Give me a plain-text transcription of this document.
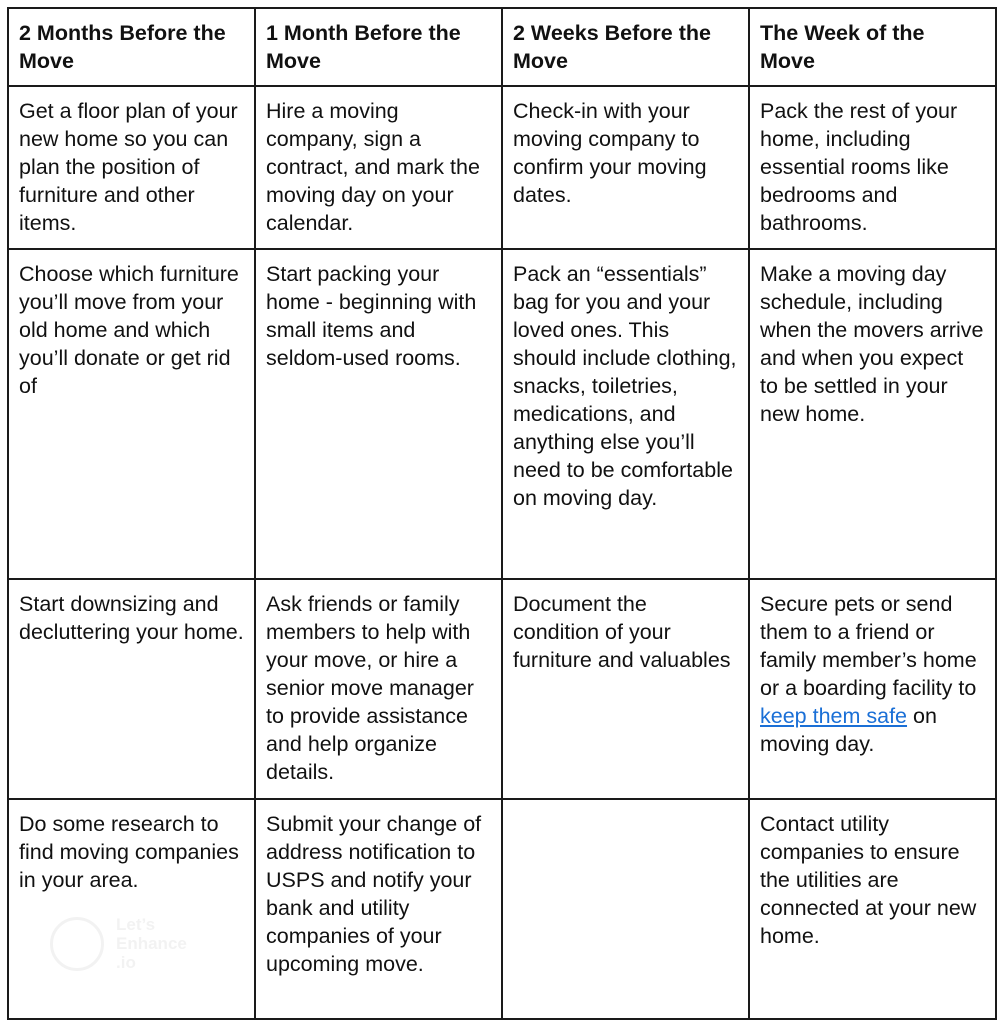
2 Months Before the Move	1 Month Before the Move	2 Weeks Before the Move	The Week of the Move
Get a floor plan of your new home so you can plan the position of furniture and other items.	Hire a moving company, sign a contract, and mark the moving day on your calendar.	Check-in with your moving company to confirm your moving dates.	Pack the rest of your home, including essential rooms like bedrooms and bathrooms.
Choose which furniture you’ll move from your old home and which you’ll donate or get rid of	Start packing your home - beginning with small items and seldom-used rooms.	Pack an “essentials” bag for you and your loved ones. This should include clothing, snacks, toiletries, medications, and anything else you’ll need to be comfortable on moving day.	Make a moving day schedule, including when the movers arrive and when you expect to be settled in your new home.
Start downsizing and decluttering your home.	Ask friends or family members to help with your move, or hire a senior move manager to provide assistance and help organize details.	Document the condition of your furniture and valuables	Secure pets or send them to a friend or family member’s home or a boarding facility to keep them safe on moving day.
Do some research to find moving companies in your area.	Submit your change of address notification to USPS and notify your bank and utility companies of your upcoming move.		Contact utility companies to ensure the utilities are connected at your new home.
Let’s
Enhance
.io
